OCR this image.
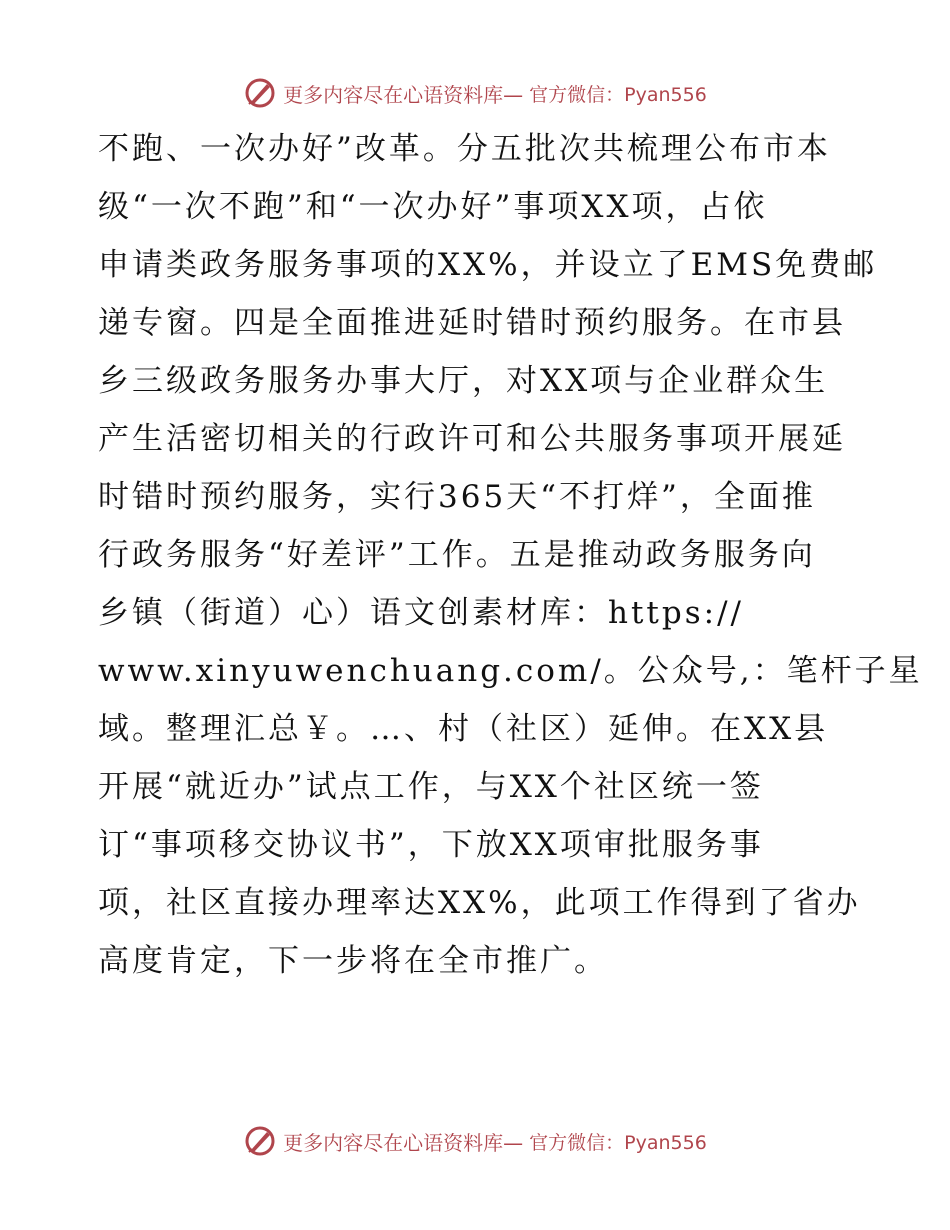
更多内容尽在心语资料库— 官方微信：Pyan556
不跑、一次办好”改革。分五批次共梳理公布市本
级“一次不跑”和“一次办好”事项XX项，占依
申请类政务服务事项的XX%，并设立了EMS免费邮
递专窗。四是全面推进延时错时预约服务。在市县
乡三级政务服务办事大厅，对XX项与企业群众生
产生活密切相关的行政许可和公共服务事项开展延
时错时预约服务，实行365天“不打烊”，全面推
行政务服务“好差评”工作。五是推动政务服务向
乡镇（街道）心）语文创素材库：https://
www.xinyuwenchuang.com/。公众号,：笔杆子星
域。整理汇总￥。…、村（社区）延伸。在XX县
开展“就近办”试点工作，与XX个社区统一签
订“事项移交协议书”，下放XX项审批服务事
项，社区直接办理率达XX%，此项工作得到了省办
高度肯定，下一步将在全市推广。
更多内容尽在心语资料库— 官方微信：Pyan556
